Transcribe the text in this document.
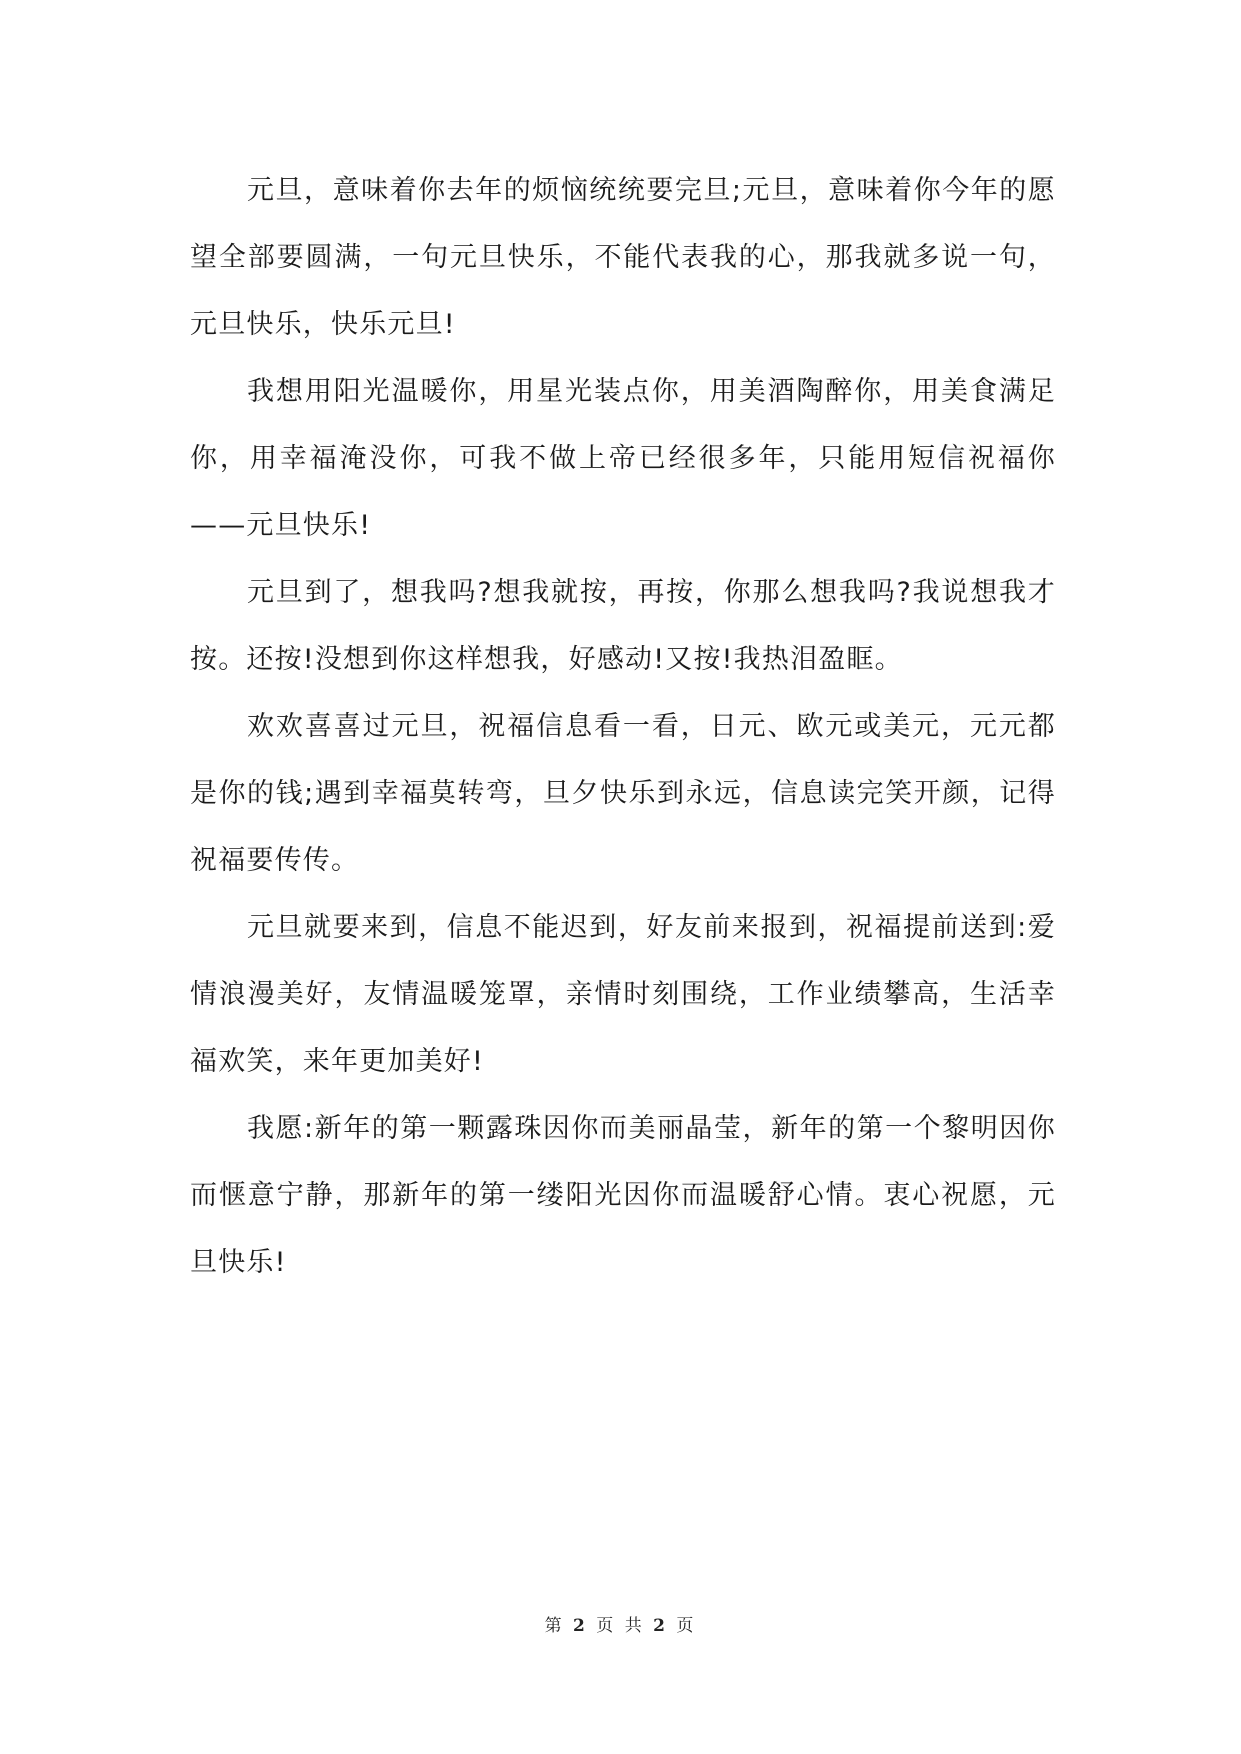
元旦，意味着你去年的烦恼统统要完旦;元旦，意味着你今年的愿望全部要圆满，一句元旦快乐，不能代表我的心，那我就多说一句，元旦快乐，快乐元旦!

我想用阳光温暖你，用星光装点你，用美酒陶醉你，用美食满足你，用幸福淹没你，可我不做上帝已经很多年，只能用短信祝福你——元旦快乐!

元旦到了，想我吗?想我就按，再按，你那么想我吗?我说想我才按。还按!没想到你这样想我，好感动!又按!我热泪盈眶。

欢欢喜喜过元旦，祝福信息看一看，日元、欧元或美元，元元都是你的钱;遇到幸福莫转弯，旦夕快乐到永远，信息读完笑开颜，记得祝福要传传。

元旦就要来到，信息不能迟到，好友前来报到，祝福提前送到:爱情浪漫美好，友情温暖笼罩，亲情时刻围绕，工作业绩攀高，生活幸福欢笑，来年更加美好!

我愿:新年的第一颗露珠因你而美丽晶莹，新年的第一个黎明因你而惬意宁静，那新年的第一缕阳光因你而温暖舒心情。衷心祝愿，元旦快乐!

第 2 页 共 2 页
